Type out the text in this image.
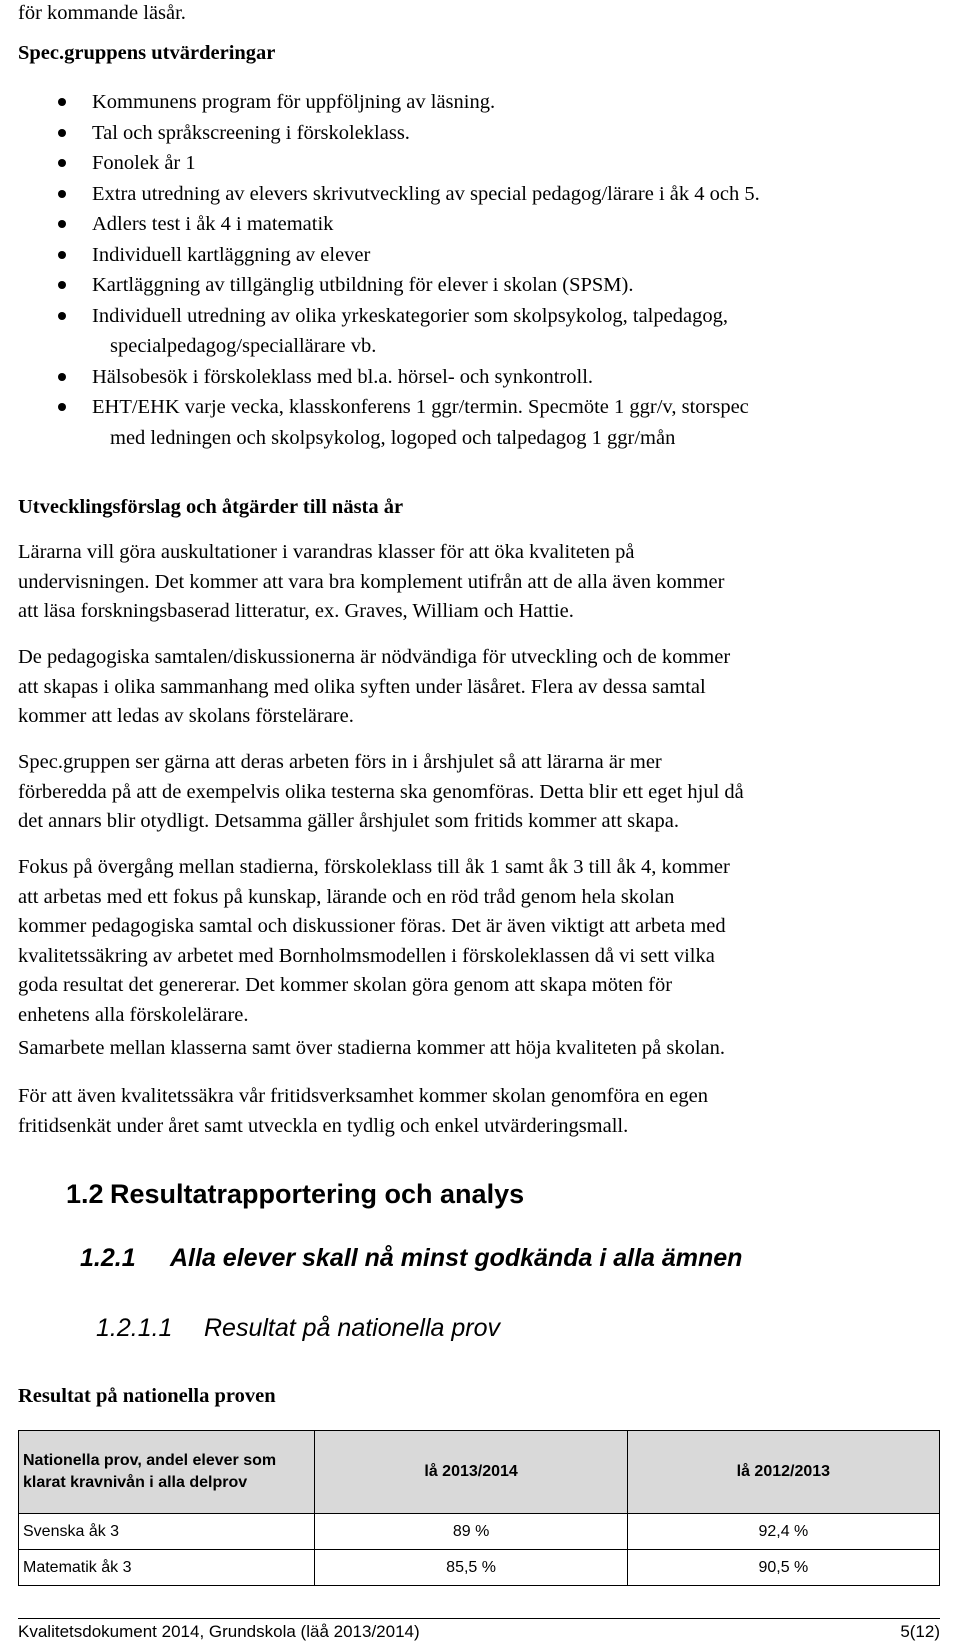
för kommande läsår.

Spec.gruppens utvärderingar
Kommunens program för uppföljning av läsning.
Tal och språkscreening i förskoleklass.
Fonolek år 1
Extra utredning av elevers skrivutveckling av special pedagog/lärare i åk 4 och 5.
Adlers test i åk 4 i matematik
Individuell kartläggning av elever
Kartläggning av tillgänglig utbildning för elever i skolan (SPSM).
Individuell utredning av olika yrkeskategorier som skolpsykolog, talpedagog,
specialpedagog/speciallärare vb.
Hälsobesök i förskoleklass med bl.a. hörsel- och synkontroll.
EHT/EHK varje vecka, klasskonferens 1 ggr/termin. Specmöte 1 ggr/v, storspec
med ledningen och skolpsykolog, logoped och talpedagog 1 ggr/mån
Utvecklingsförslag och åtgärder till nästa år
Lärarna vill göra auskultationer i varandras klasser för att öka kvaliteten på
undervisningen. Det kommer att vara bra komplement utifrån att de alla även kommer
att läsa forskningsbaserad litteratur, ex. Graves, William och Hattie.
De pedagogiska samtalen/diskussionerna är nödvändiga för utveckling och de kommer
att skapas i olika sammanhang med olika syften under läsåret. Flera av dessa samtal
kommer att ledas av skolans förstelärare.
Spec.gruppen ser gärna att deras arbeten förs in i årshjulet så att lärarna är mer
förberedda på att de exempelvis olika testerna ska genomföras. Detta blir ett eget hjul då
det annars blir otydligt. Detsamma gäller årshjulet som fritids kommer att skapa.
Fokus på övergång mellan stadierna, förskoleklass till åk 1 samt åk 3 till åk 4, kommer
att arbetas med ett fokus på kunskap, lärande och en röd tråd genom hela skolan
kommer pedagogiska samtal och diskussioner föras. Det är även viktigt att arbeta med
kvalitetssäkring av arbetet med Bornholmsmodellen i förskoleklassen då vi sett vilka
goda resultat det genererar. Det kommer skolan göra genom att skapa möten för
enhetens alla förskolelärare.
Samarbete mellan klasserna samt över stadierna kommer att höja kvaliteten på skolan.
För att även kvalitetssäkra vår fritidsverksamhet kommer skolan genomföra en egen
fritidsenkät under året samt utveckla en tydlig och enkel utvärderingsmall.
1.2 Resultatrapportering och analys
1.2.1 Alla elever skall nå minst godkända i alla ämnen
1.2.1.1 Resultat på nationella prov
Resultat på nationella proven
Nationella prov, andel elever som klarat kravnivån i alla delprov	lå 2013/2014	lå 2012/2013
Svenska åk 3	89 %	92,4 %
Matematik åk 3	85,5 %	90,5 %
Kvalitetsdokument 2014, Grundskola (läå 2013/2014)	5(12)
